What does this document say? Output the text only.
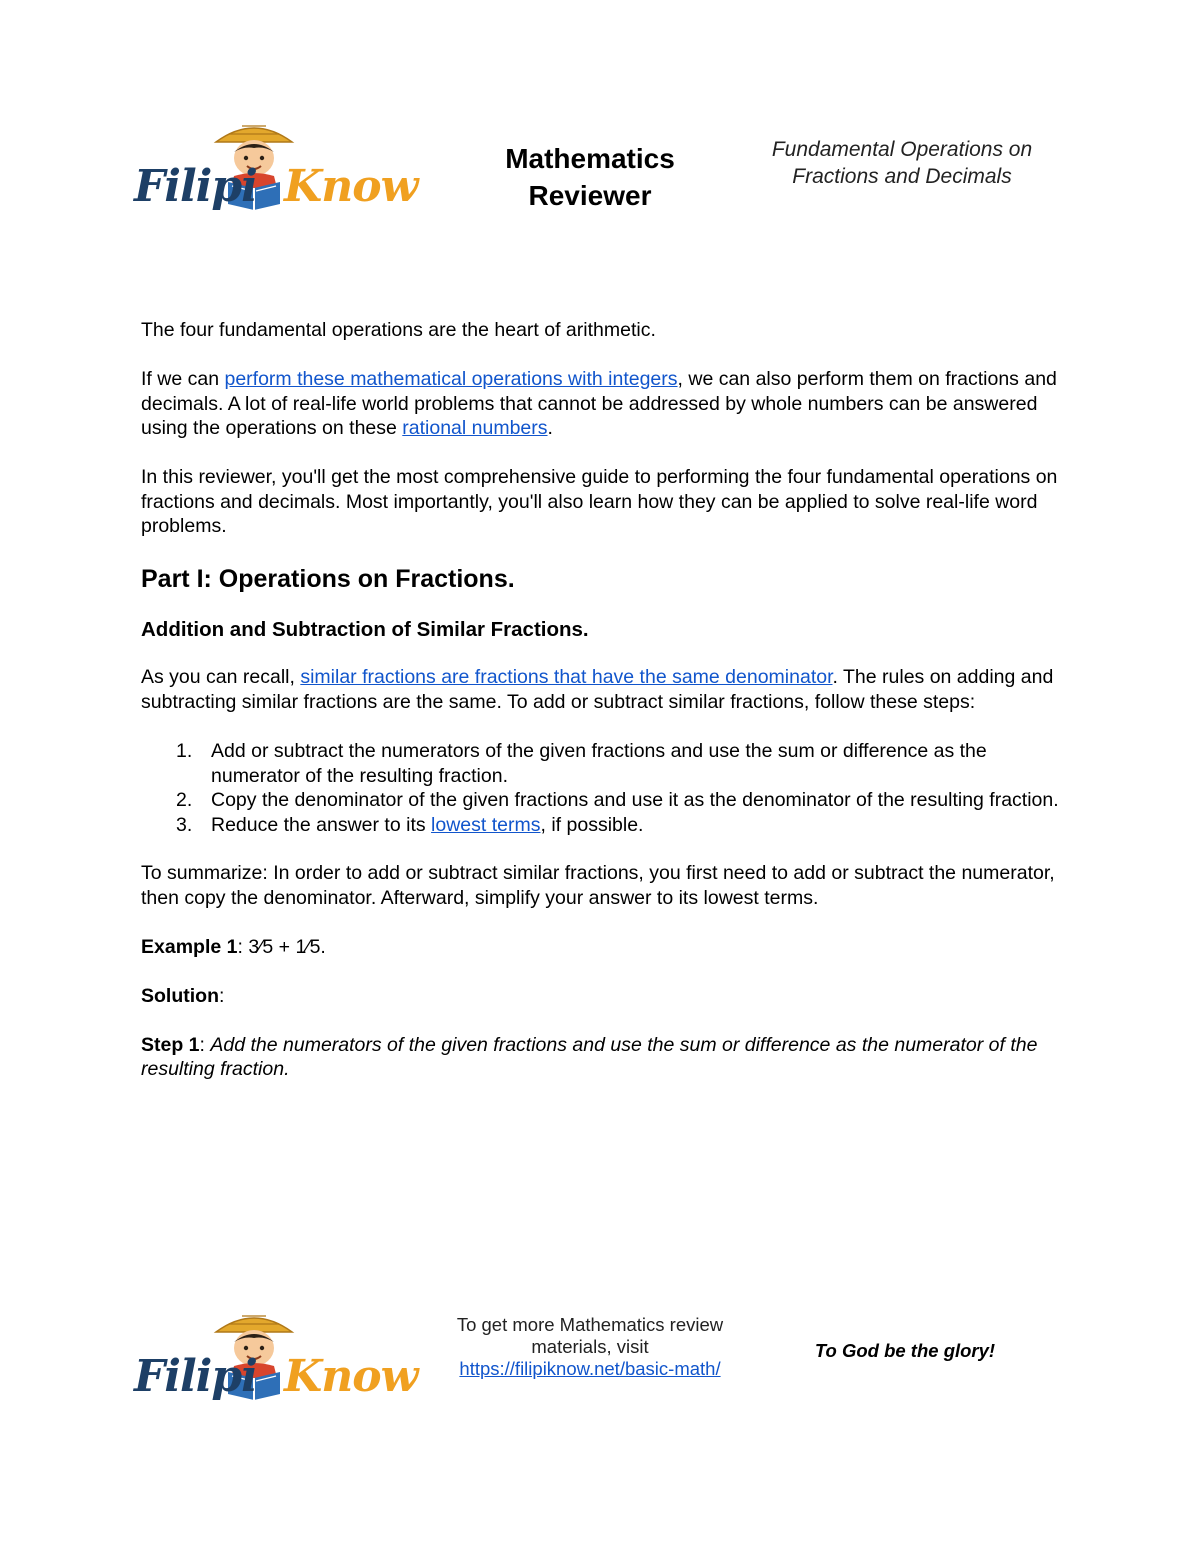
Filipi Know
Mathematics
Reviewer
Fundamental Operations on
Fractions and Decimals

The four fundamental operations are the heart of arithmetic.

If we can perform these mathematical operations with integers, we can also perform them on fractions and decimals. A lot of real-life world problems that cannot be addressed by whole numbers can be answered using the operations on these rational numbers.

In this reviewer, you'll get the most comprehensive guide to performing the four fundamental operations on fractions and decimals. Most importantly, you'll also learn how they can be applied to solve real-life word problems.

Part I: Operations on Fractions.
Addition and Subtraction of Similar Fractions.

As you can recall, similar fractions are fractions that have the same denominator. The rules on adding and subtracting similar fractions are the same. To add or subtract similar fractions, follow these steps:

1. Add or subtract the numerators of the given fractions and use the sum or difference as the numerator of the resulting fraction.
2. Copy the denominator of the given fractions and use it as the denominator of the resulting fraction.
3. Reduce the answer to its lowest terms, if possible.

To summarize: In order to add or subtract similar fractions, you first need to add or subtract the numerator, then copy the denominator. Afterward, simplify your answer to its lowest terms.

Example 1: 3⁄5 + 1⁄5.

Solution:

Step 1: Add the numerators of the given fractions and use the sum or difference as the numerator of the resulting fraction.

Filipi Know
To get more Mathematics review
materials, visit
https://filipiknow.net/basic-math/
To God be the glory!
